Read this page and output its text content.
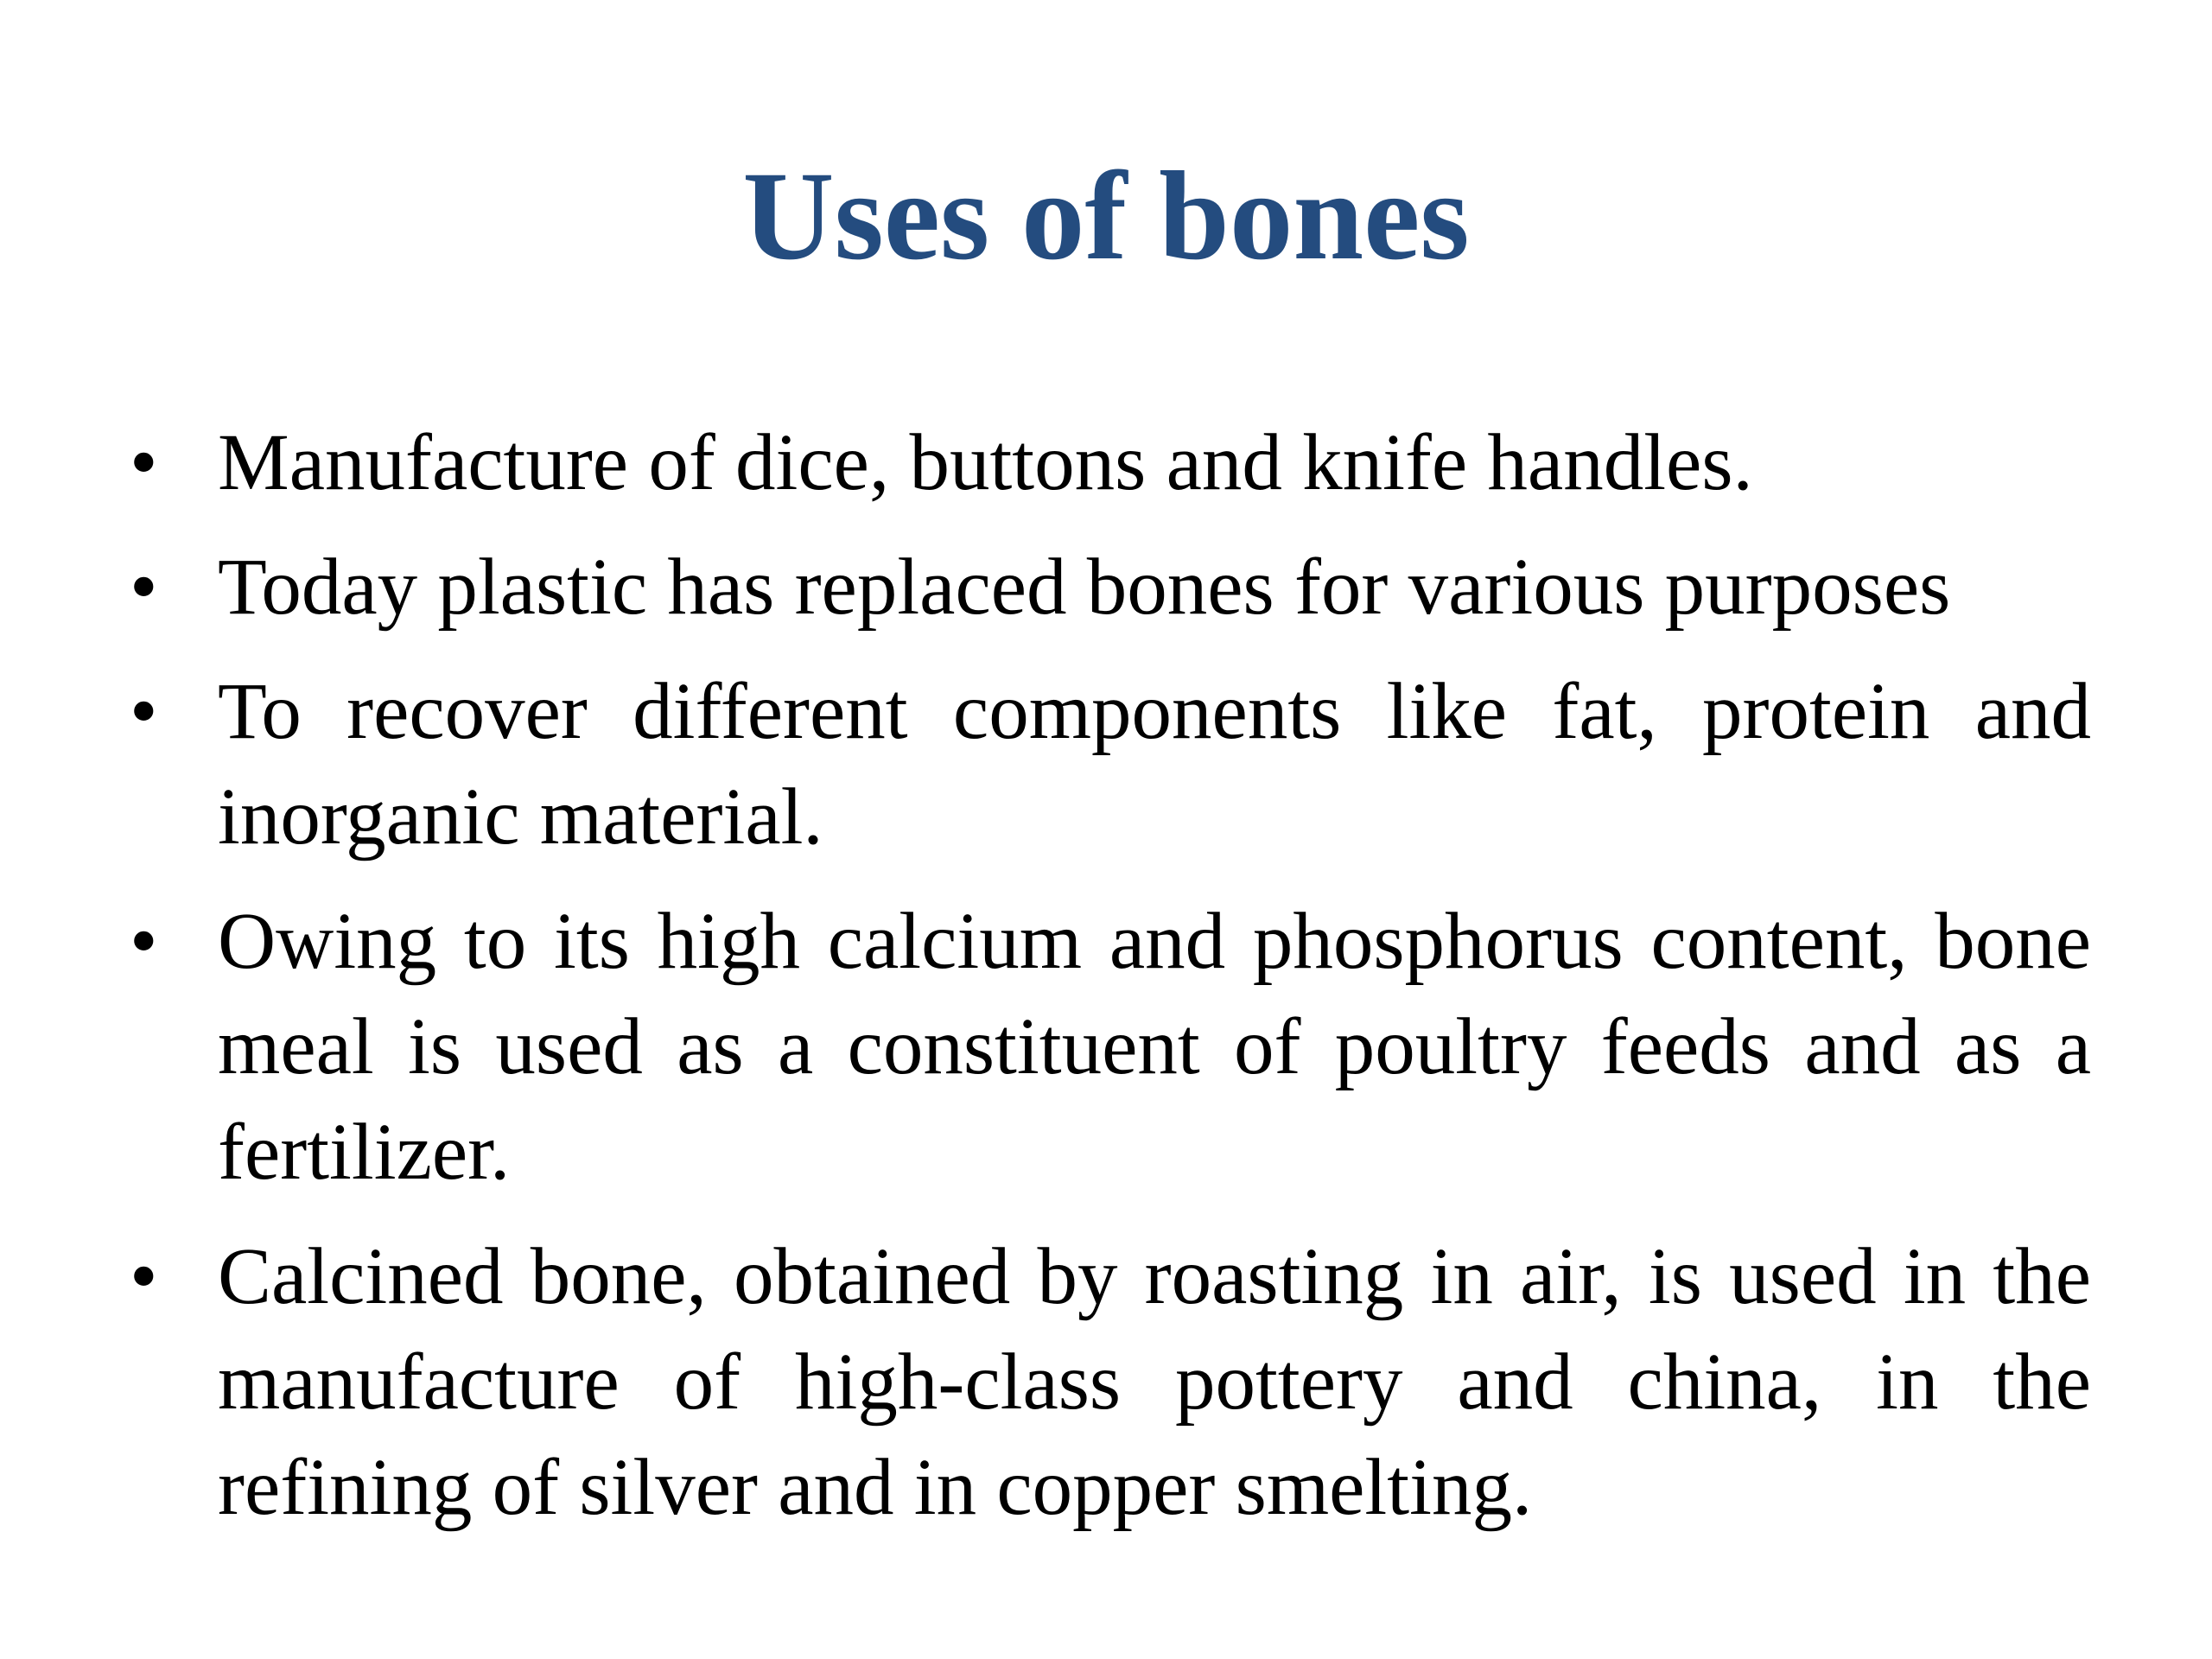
Uses of bones
• Manufacture of dice, buttons and knife handles.
• Today plastic has replaced bones for various purposes
• To recover different components like fat, protein and inorganic material.
• Owing to its high calcium and phosphorus content, bone meal is used as a constituent of poultry feeds and as a fertilizer.
• Calcined bone, obtained by roasting in air, is used in the manufacture of high-class pottery and china, in the refining of silver and in copper smelting.
